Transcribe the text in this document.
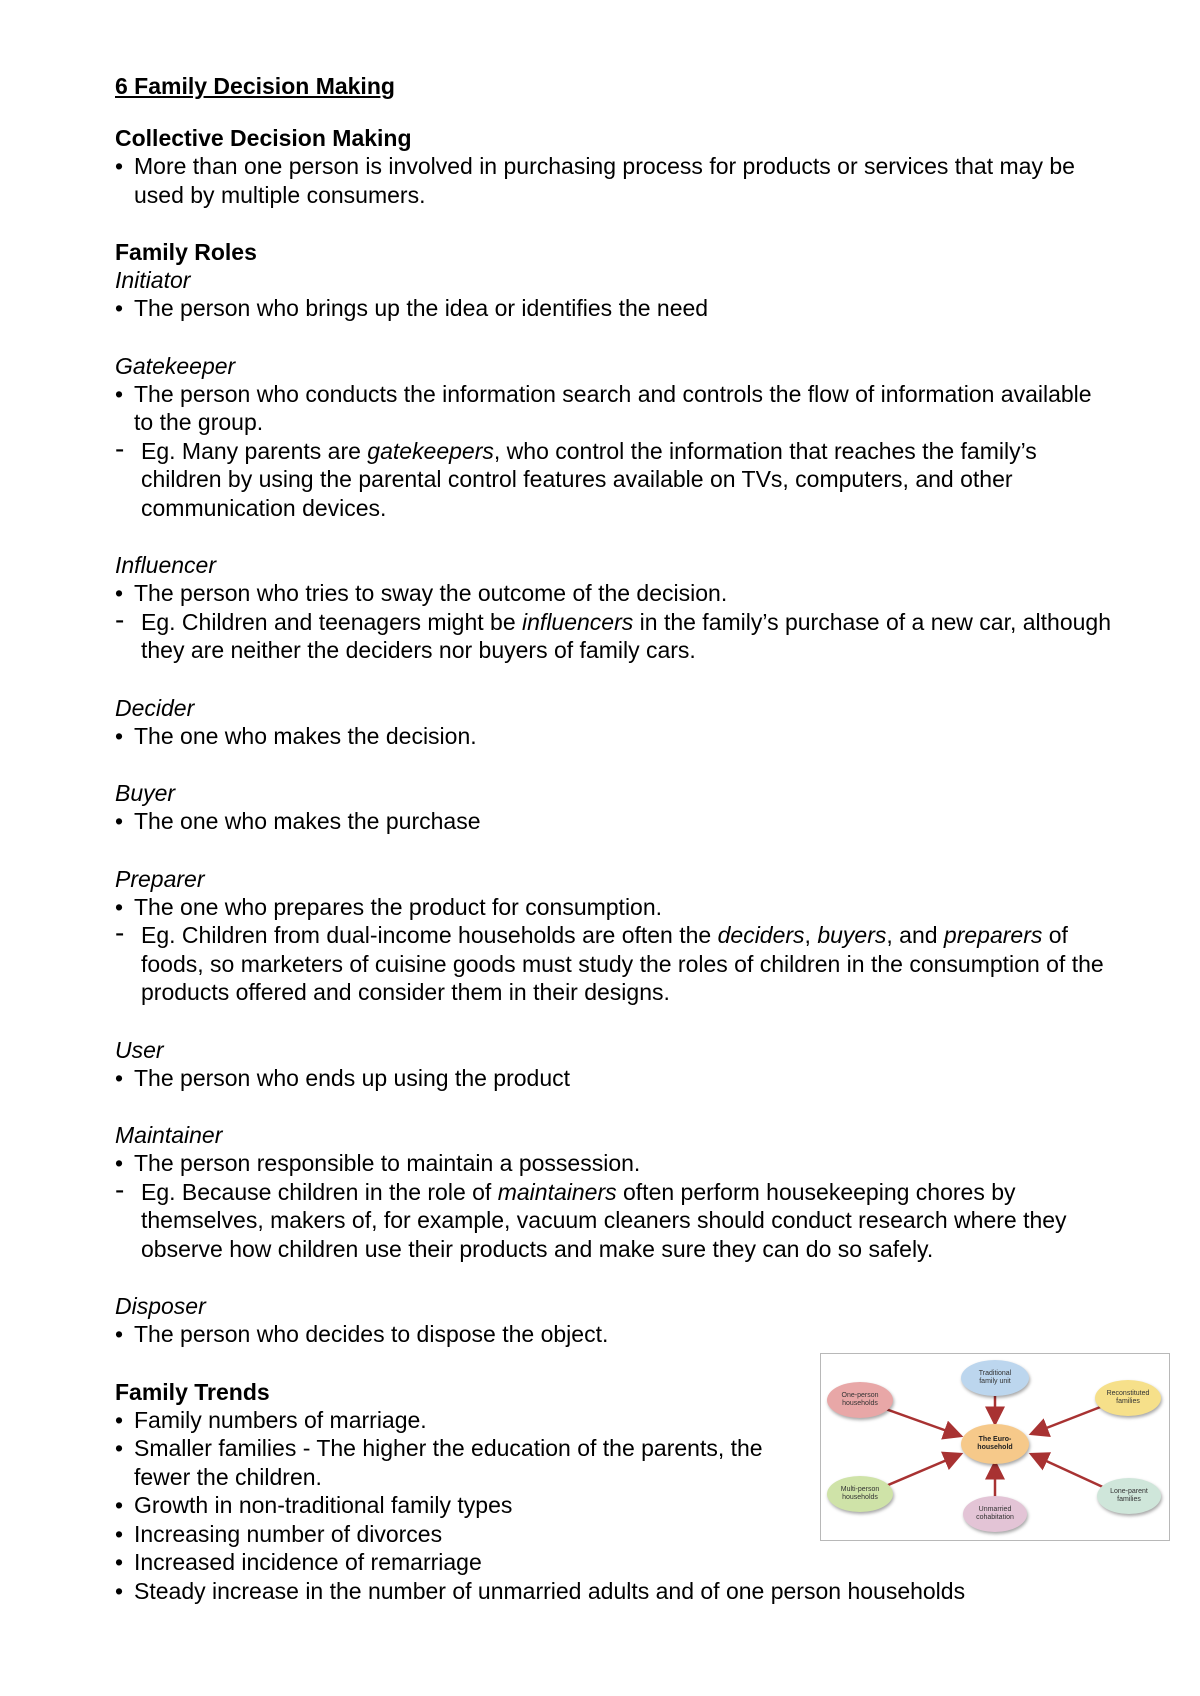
6 Family Decision Making
Collective Decision Making

• More than one person is involved in purchasing process for products or services that may be used by multiple consumers.

Family Roles

Initiator

• The person who brings up the idea or identifies the need

Gatekeeper

• The person who conducts the information search and controls the flow of information available to the group.

- Eg. Many parents are gatekeepers, who control the information that reaches the family’s children by using the parental control features available on TVs, computers, and other communication devices.

Influencer

• The person who tries to sway the outcome of the decision.

- Eg. Children and teenagers might be influencers in the family’s purchase of a new car, although they are neither the deciders nor buyers of family cars.

Decider

• The one who makes the decision.

Buyer

• The one who makes the purchase

Preparer

• The one who prepares the product for consumption.

- Eg. Children from dual-income households are often the deciders, buyers, and preparers of foods, so marketers of cuisine goods must study the roles of children in the consumption of the products offered and consider them in their designs.

User

• The person who ends up using the product

Maintainer

• The person responsible to maintain a possession.

- Eg. Because children in the role of maintainers often perform housekeeping chores by themselves, makers of, for example, vacuum cleaners should conduct research where they observe how children use their products and make sure they can do so safely.

Disposer

• The person who decides to dispose the object.

Family Trends

• Family numbers of marriage.

• Smaller families - The higher the education of the parents, the fewer the children.

• Growth in non-traditional family types

• Increasing number of divorces

• Increased incidence of remarriage

• Steady increase in the number of unmarried adults and of one person households

Traditional family unit
One-person households
Reconstituted families
The Euro-household
Multi-person households
Unmarried cohabitation
Lone-parent families
